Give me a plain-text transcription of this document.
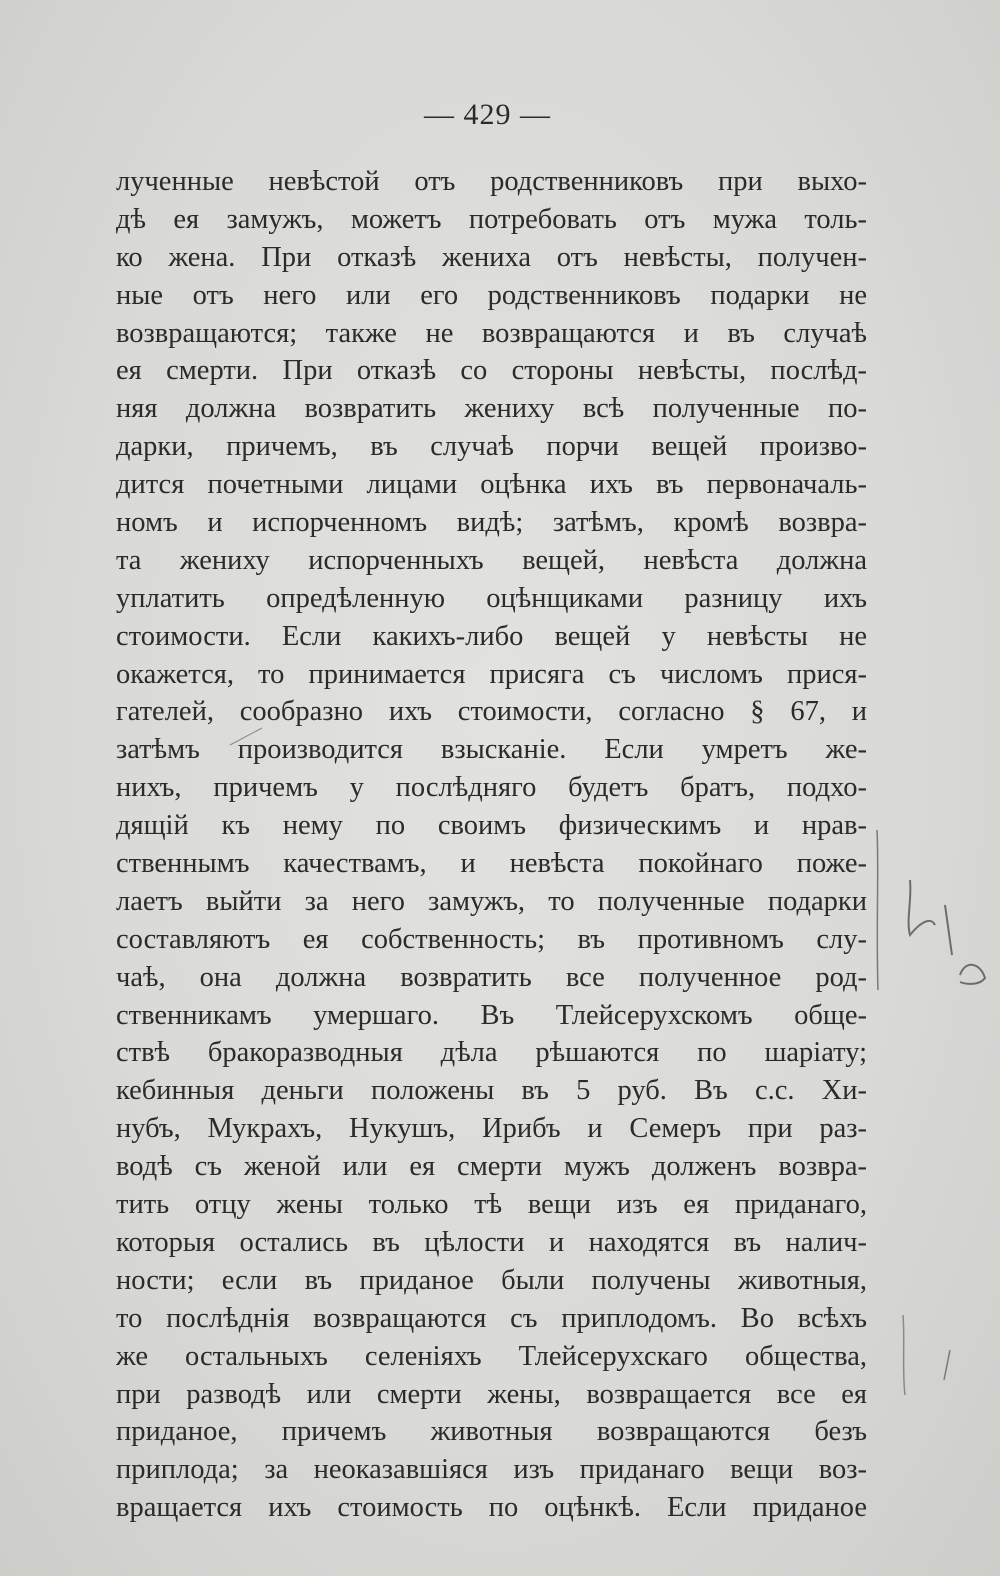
— 429 —
лученные невѣстой отъ родственниковъ при выхо-
дѣ ея замужъ, можетъ потребовать отъ мужа толь-
ко жена. При отказѣ жениха отъ невѣсты, получен-
ные отъ него или его родственниковъ подарки не
возвращаются; также не возвращаются и въ случаѣ
ея смерти. При отказѣ со стороны невѣсты, послѣд-
няя должна возвратить жениху всѣ полученные по-
дарки, причемъ, въ случаѣ порчи вещей произво-
дится почетными лицами оцѣнка ихъ въ первоначаль-
номъ и испорченномъ видѣ; затѣмъ, кромѣ возвра-
та жениху испорченныхъ вещей, невѣста должна
уплатить опредѣленную оцѣнщиками разницу ихъ
стоимости. Если какихъ-либо вещей у невѣсты не
окажется, то принимается присяга съ числомъ прися-
гателей, сообразно ихъ стоимости, согласно § 67, и
затѣмъ производится взысканіе. Если умретъ же-
нихъ, причемъ у послѣдняго будетъ братъ, подхо-
дящій къ нему по своимъ физическимъ и нрав-
ственнымъ качествамъ, и невѣста покойнаго поже-
лаетъ выйти за него замужъ, то полученные подарки
составляютъ ея собственность; въ противномъ слу-
чаѣ, она должна возвратить все полученное род-
ственникамъ умершаго. Въ Тлейсерухскомъ обще-
ствѣ бракоразводныя дѣла рѣшаются по шаріату;
кебинныя деньги положены въ 5 руб. Въ с.с. Хи-
нубъ, Мукрахъ, Нукушъ, Ирибъ и Семеръ при раз-
водѣ съ женой или ея смерти мужъ долженъ возвра-
тить отцу жены только тѣ вещи изъ ея приданаго,
которыя остались въ цѣлости и находятся въ налич-
ности; если въ приданое были получены животныя,
то послѣднія возвращаются съ приплодомъ. Во всѣхъ
же остальныхъ селеніяхъ Тлейсерухскаго общества,
при разводѣ или смерти жены, возвращается все ея
приданое, причемъ животныя возвращаются безъ
приплода; за неоказавшіяся изъ приданаго вещи воз-
вращается ихъ стоимость по оцѣнкѣ. Если приданое
